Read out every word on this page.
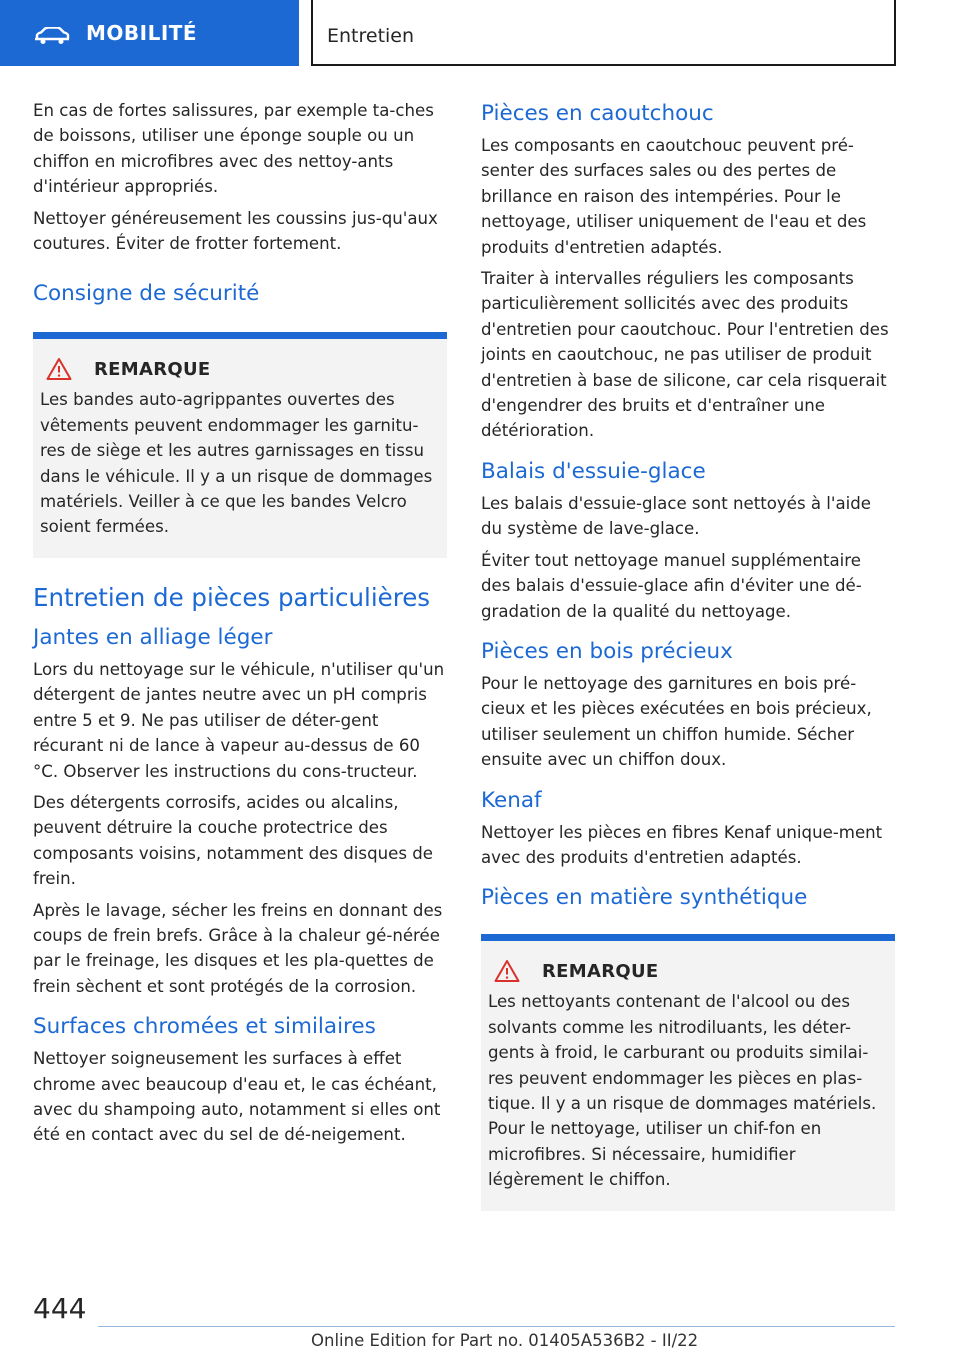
MOBILITÉ	Entretien

En cas de fortes salissures, par exemple ta-ches de boissons, utiliser une éponge souple ou un chiffon en microfibres avec des nettoy-ants d'intérieur appropriés.

Nettoyer généreusement les coussins jus-qu'aux coutures. Éviter de frotter fortement.

Consigne de sécurité
REMARQUE

Les bandes auto-agrippantes ouvertes des vêtements peuvent endommager les garnitu-res de siège et les autres garnissages en tissu dans le véhicule. Il y a un risque de dommages matériels. Veiller à ce que les bandes Velcro soient fermées.

Entretien de pièces particulières
Jantes en alliage léger

Lors du nettoyage sur le véhicule, n'utiliser qu'un détergent de jantes neutre avec un pH compris entre 5 et 9. Ne pas utiliser de déter-gent récurant ni de lance à vapeur au-dessus de 60 °C. Observer les instructions du cons-tructeur.

Des détergents corrosifs, acides ou alcalins, peuvent détruire la couche protectrice des composants voisins, notamment des disques de frein.

Après le lavage, sécher les freins en donnant des coups de frein brefs. Grâce à la chaleur gé-nérée par le freinage, les disques et les pla-quettes de frein sèchent et sont protégés de la corrosion.

Surfaces chromées et similaires

Nettoyer soigneusement les surfaces à effet chrome avec beaucoup d'eau et, le cas échéant, avec du shampoing auto, notamment si elles ont été en contact avec du sel de dé-neigement.

Pièces en caoutchouc

Les composants en caoutchouc peuvent pré-senter des surfaces sales ou des pertes de brillance en raison des intempéries. Pour le nettoyage, utiliser uniquement de l'eau et des produits d'entretien adaptés.

Traiter à intervalles réguliers les composants particulièrement sollicités avec des produits d'entretien pour caoutchouc. Pour l'entretien des joints en caoutchouc, ne pas utiliser de produit d'entretien à base de silicone, car cela risquerait d'engendrer des bruits et d'entraîner une détérioration.

Balais d'essuie-glace

Les balais d'essuie-glace sont nettoyés à l'aide du système de lave-glace.

Éviter tout nettoyage manuel supplémentaire des balais d'essuie-glace afin d'éviter une dé-gradation de la qualité du nettoyage.

Pièces en bois précieux

Pour le nettoyage des garnitures en bois pré-cieux et les pièces exécutées en bois précieux, utiliser seulement un chiffon humide. Sécher ensuite avec un chiffon doux.

Kenaf

Nettoyer les pièces en fibres Kenaf unique-ment avec des produits d'entretien adaptés.

Pièces en matière synthétique
REMARQUE

Les nettoyants contenant de l'alcool ou des solvants comme les nitrodiluants, les déter-gents à froid, le carburant ou produits similai-res peuvent endommager les pièces en plas-tique. Il y a un risque de dommages matériels. Pour le nettoyage, utiliser un chif-fon en microfibres. Si nécessaire, humidifier légèrement le chiffon.

444
Online Edition for Part no. 01405A536B2 - II/22
